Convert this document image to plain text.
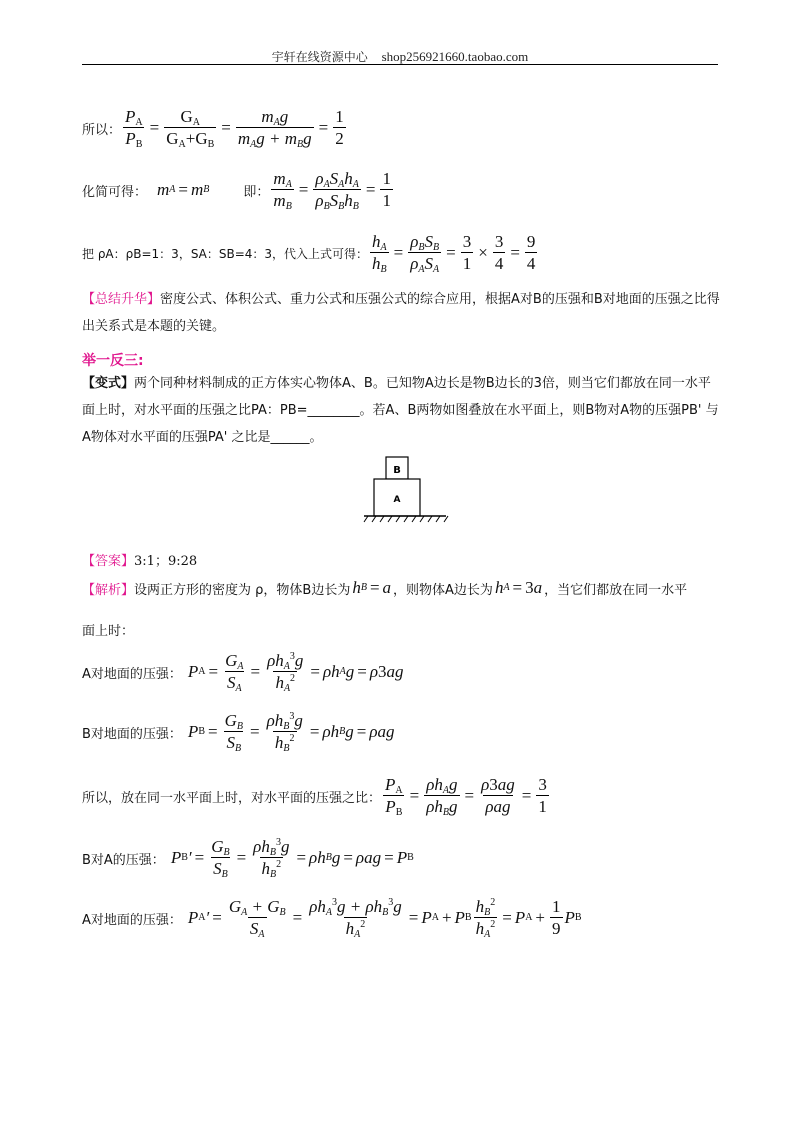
宇轩在线资源中心 shop256921660.taobao.com
所以： $\frac{P_A}{P_B} = \frac{G_A}{G_A+G_B} = \frac{m_Ag}{m_Ag + m_Bg} = \frac{1}{2}$
化简可得： m A = m B	即： $\frac{m_A}{m_B} = \frac{\rho_AS_Ah_A}{\rho_BS_Bh_B} = \frac{1}{1}$
把 ρA：ρB=1：3，SA：SB=4：3，代入上式可得： $\frac{h_A}{h_B} = \frac{\rho_BS_B}{\rho_AS_A} = \frac{3}{1} \times \frac{3}{4} = \frac{9}{4}$
【总结升华】密度公式、体积公式、重力公式和压强公式的综合应用，根据A对B的压强和B对地面的压强之比得出关系式是本题的关键。
举一反三:
【变式】两个同种材料制成的正方体实心物体A、B。已知物A边长是物B边长的3倍，则当它们都放在同一水平面上时，对水平面的压强之比PA：PB=________。若A、B两物如图叠放在水平面上，则B物对A物的压强PB' 与A物体对水平面的压强PA' 之比是______。
B
A
【答案】3:1；9:28
【解析】 设两正方形的密度为 ρ，物体B边长为 h B = a ，则物体A边长为 h A = 3 a ，当它们都放在同一水平
面上时：
A对地面的压强： P $A = \frac{G_A}{S_A} = \frac{\rho h_A^3g}{h_A^2} = \rho h$ A g = ρ 3 ag
B对地面的压强： P $B = \frac{G_B}{S_B} = \frac{\rho h_B^3g}{h_B^2} = \rho h$ B g = ρag
所以，放在同一水平面上时，对水平面的压强之比： $\frac{P_A}{P_B} = \frac{\rho h_Ag}{\rho h_Bg} = \frac{\rho 3ag}{\text{ρag}} = \frac{3}{1}$
B对A的压强： P B ′ = $\frac{G_B}{S_B} = \frac{\rho h_B^3g}{h_B^2} = \rho h$ B g = ρag = P B
A对地面的压强： P A ′ = $\frac{G_A + G_B}{S_A} = \frac{\rho h_A^3g + \rho h_B^3g}{h_A^2} = P$ A + P B $\frac{h_B^2}{h_A^2} = P$ $A + \frac{1}{9}$ P B
